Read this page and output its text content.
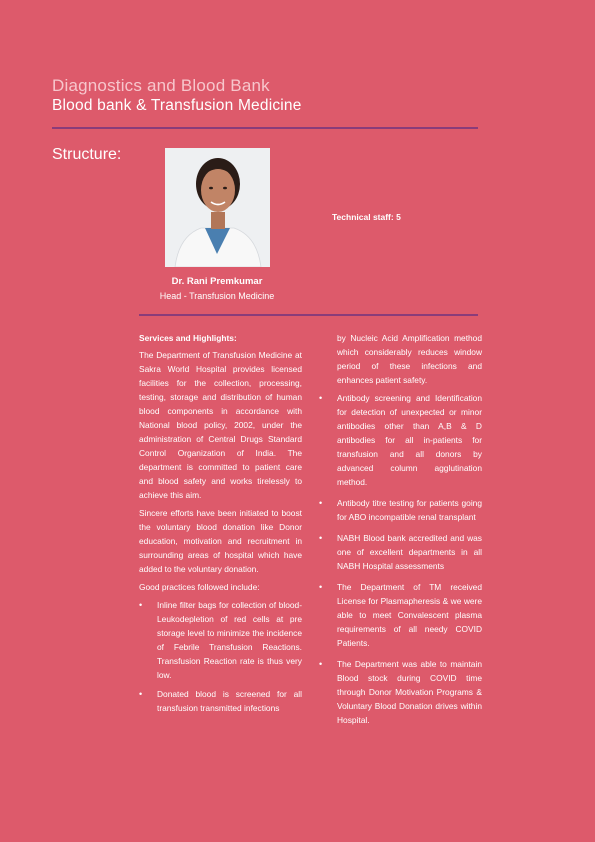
Diagnostics and Blood Bank
Blood bank & Transfusion Medicine
Structure:
Dr. Rani Premkumar
Head - Transfusion Medicine
Technical staff: 5

Services and Highlights:

The Department of Transfusion Medicine at Sakra World Hospital provides licensed facilities for the collection, processing, testing, storage and distribution of human blood components in accordance with National blood policy, 2002, under the administration of Central Drugs Standard Control Organization of India. The department is committed to patient care and blood safety and works tirelessly to achieve this aim.

Sincere efforts have been initiated to boost the voluntary blood donation like Donor education, motivation and recruitment in surrounding areas of hospital which have added to the voluntary donation.

Good practices followed include:

• Inline filter bags for collection of blood- Leukodepletion of red cells at pre storage level to minimize the incidence of Febrile Transfusion Reactions. Transfusion Reaction rate is thus very low.
• Donated blood is screened for all transfusion transmitted infections

by Nucleic Acid Amplification method which considerably reduces window period of these infections and enhances patient safety.

• Antibody screening and Identification for detection of unexpected or minor antibodies other than A,B & D antibodies for all in-patients for transfusion and all donors by advanced column agglutination method.
• Antibody titre testing for patients going for ABO incompatible renal transplant
• NABH Blood bank accredited and was one of excellent departments in all NABH Hospital assessments
• The Department of TM received License for Plasmapheresis & we were able to meet Convalescent plasma requirements of all needy COVID Patients.
• The Department was able to maintain Blood stock during COVID time through Donor Motivation Programs & Voluntary Blood Donation drives within Hospital.
